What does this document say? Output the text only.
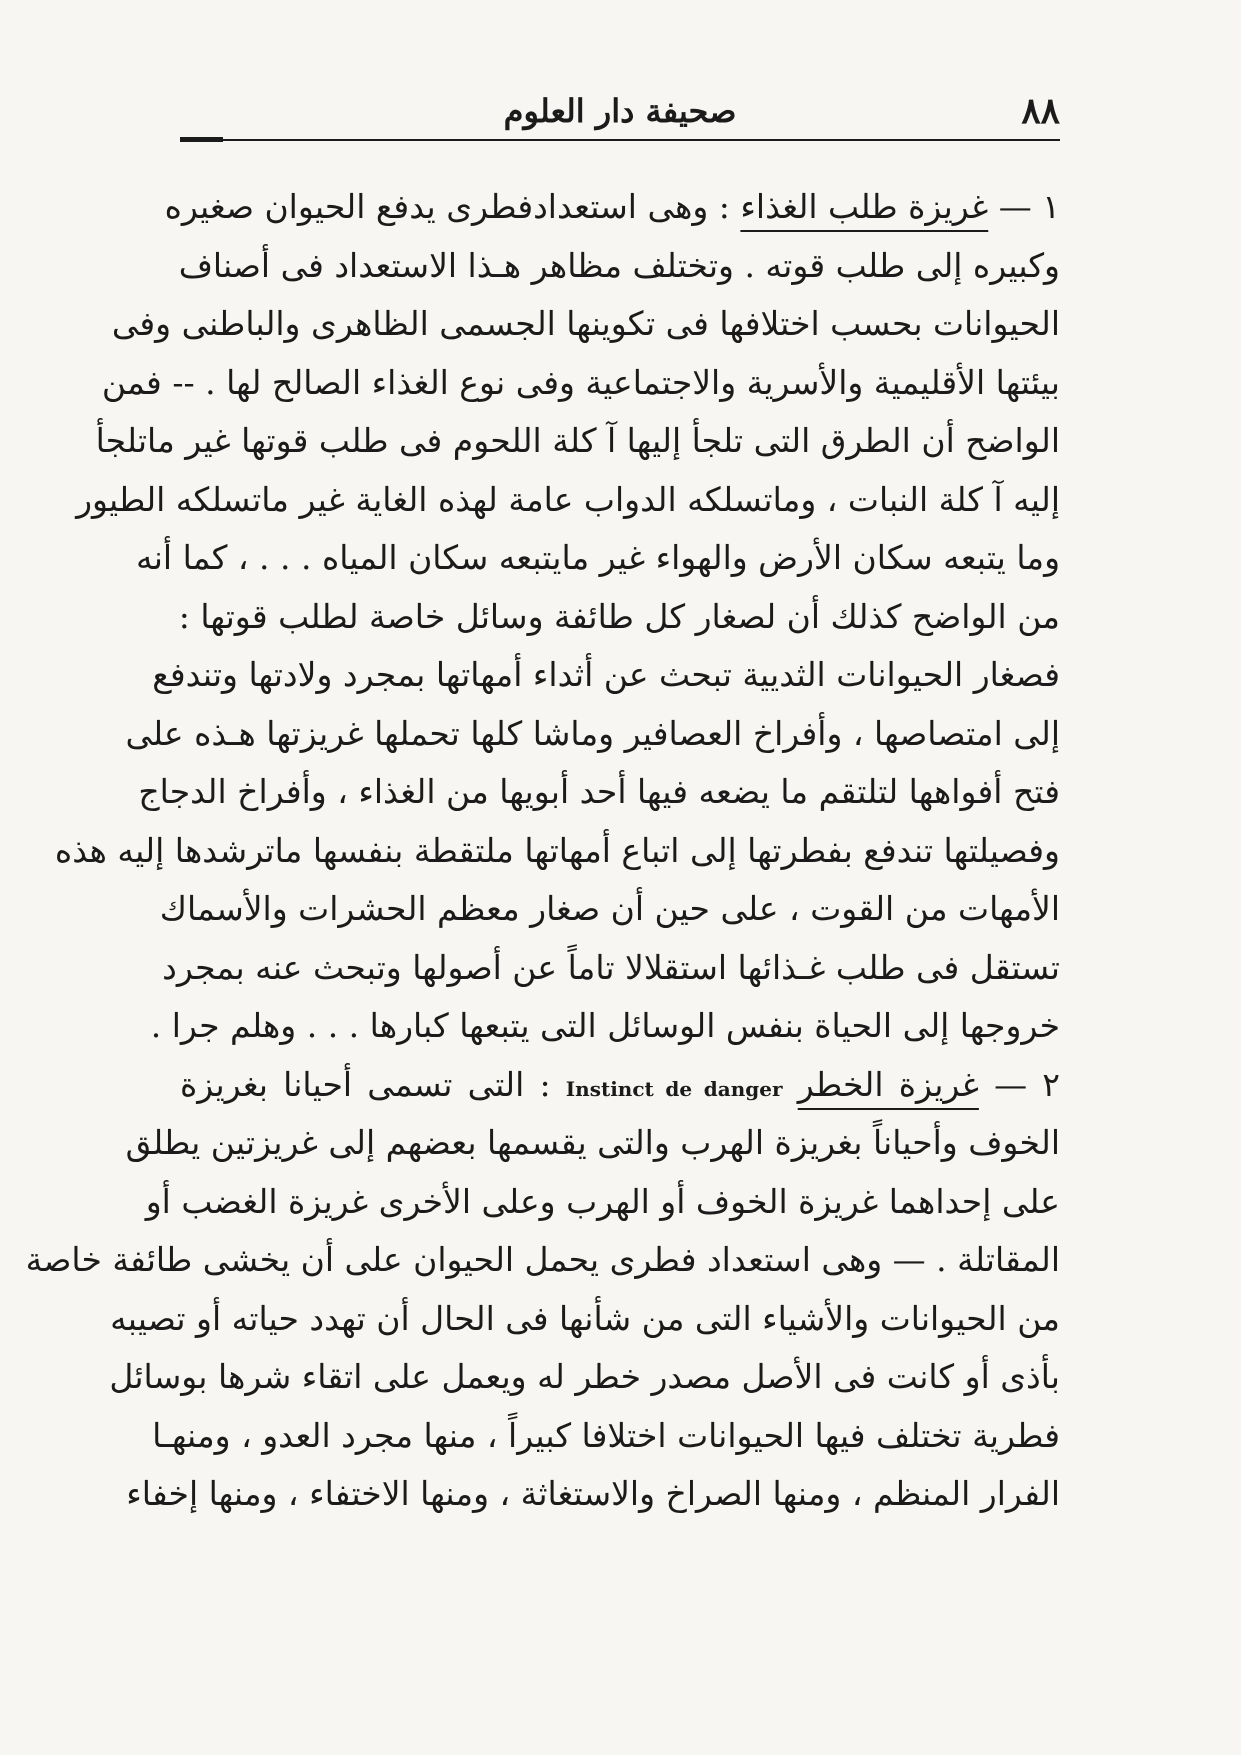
٨٨
صحيفة دار العلوم
١ — غريزة طلب الغذاء : وهى استعدادفطرى يدفع الحيوان صغيره
وكبيره إلى طلب قوته . وتختلف مظاهر هـذا الاستعداد فى أصناف
الحيوانات بحسب اختلافها فى تكوينها الجسمى الظاهرى والباطنى وفى
بيئتها الأقليمية والأسرية والاجتماعية وفى نوع الغذاء الصالح لها . -- فمن
الواضح أن الطرق التى تلجأ إليها آ كلة اللحوم فى طلب قوتها غير ماتلجأ
إليه آ كلة النبات ، وماتسلكه الدواب عامة لهذه الغاية غير ماتسلكه الطيور
وما يتبعه سكان الأرض والهواء غير مايتبعه سكان المياه . . . ، كما أنه
من الواضح كذلك أن لصغار كل طائفة وسائل خاصة لطلب قوتها :
فصغار الحيوانات الثديية تبحث عن أثداء أمهاتها بمجرد ولادتها وتندفع
إلى امتصاصها ، وأفراخ العصافير وماشا كلها تحملها غريزتها هـذه على
فتح أفواهها لتلتقم ما يضعه فيها أحد أبويها من الغذاء ، وأفراخ الدجاج
وفصيلتها تندفع بفطرتها إلى اتباع أمهاتها ملتقطة بنفسها ماترشدها إليه هذه
الأمهات من القوت ، على حين أن صغار معظم الحشرات والأسماك
تستقل فى طلب غـذائها استقلالا تاماً عن أصولها وتبحث عنه بمجرد
خروجها إلى الحياة بنفس الوسائل التى يتبعها كبارها . . . وهلم جرا .
٢ — غريزة الخطر Instinct de danger : التى تسمى أحيانا بغريزة
الخوف وأحياناً بغريزة الهرب والتى يقسمها بعضهم إلى غريزتين يطلق
على إحداهما غريزة الخوف أو الهرب وعلى الأخرى غريزة الغضب أو
المقاتلة . — وهى استعداد فطرى يحمل الحيوان على أن يخشى طائفة خاصة
من الحيوانات والأشياء التى من شأنها فى الحال أن تهدد حياته أو تصيبه
بأذى أو كانت فى الأصل مصدر خطر له ويعمل على اتقاء شرها بوسائل
فطرية تختلف فيها الحيوانات اختلافا كبيراً ، منها مجرد العدو ، ومنهـا
الفرار المنظم ، ومنها الصراخ والاستغاثة ، ومنها الاختفاء ، ومنها إخفاء
